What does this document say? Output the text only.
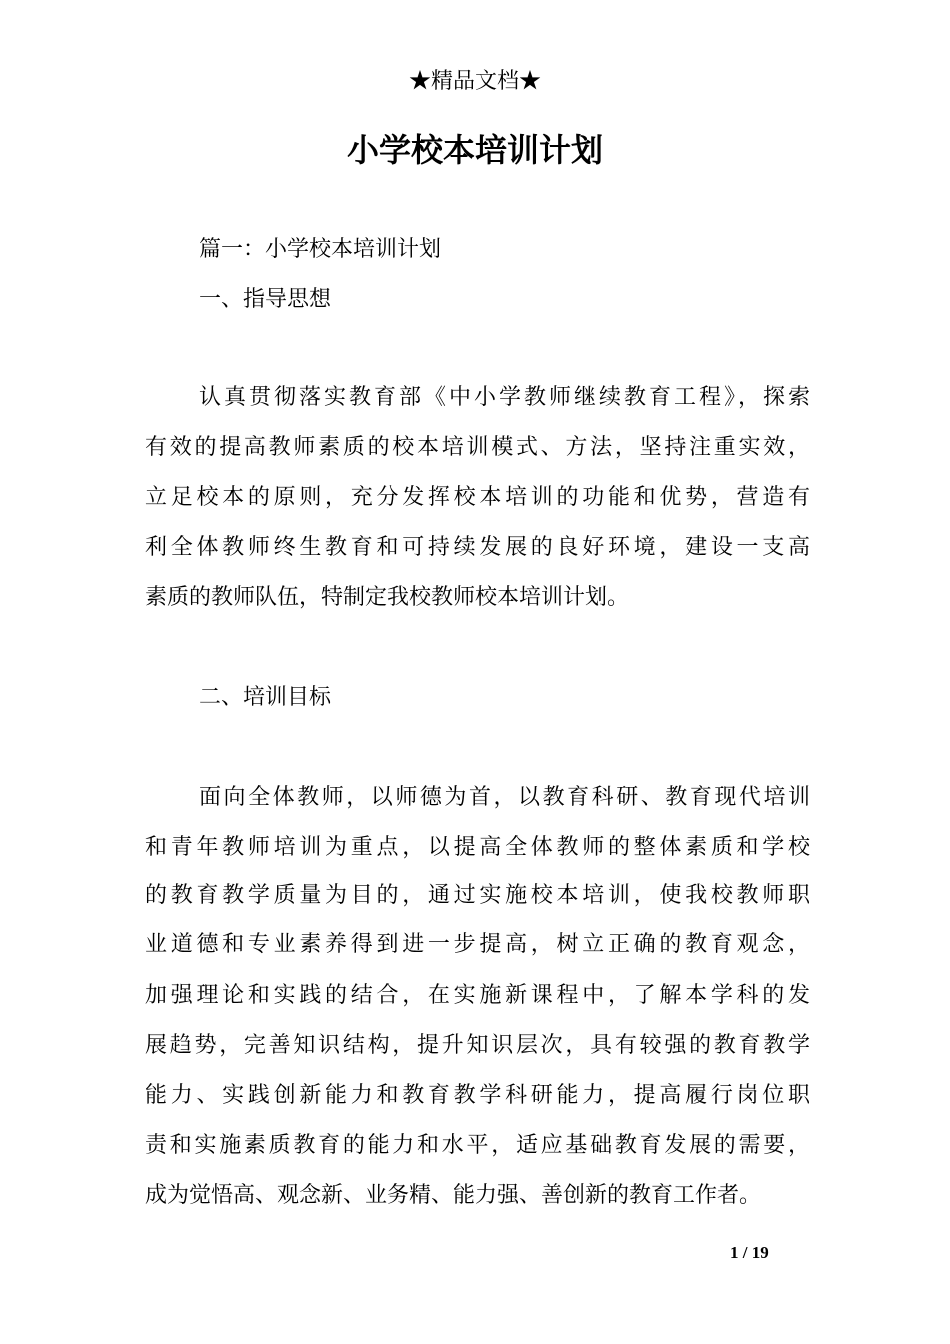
★精品文档★
小学校本培训计划
篇一：小学校本培训计划
一、指导思想
认真贯彻落实教育部《中小学教师继续教育工程》，探索
有效的提高教师素质的校本培训模式、方法，坚持注重实效，
立足校本的原则，充分发挥校本培训的功能和优势，营造有
利全体教师终生教育和可持续发展的良好环境，建设一支高
素质的教师队伍，特制定我校教师校本培训计划。
二、培训目标
面向全体教师，以师德为首，以教育科研、教育现代培训
和青年教师培训为重点，以提高全体教师的整体素质和学校
的教育教学质量为目的，通过实施校本培训，使我校教师职
业道德和专业素养得到进一步提高，树立正确的教育观念，
加强理论和实践的结合，在实施新课程中，了解本学科的发
展趋势，完善知识结构，提升知识层次，具有较强的教育教学
能力、实践创新能力和教育教学科研能力，提高履行岗位职
责和实施素质教育的能力和水平，适应基础教育发展的需要，
成为觉悟高、观念新、业务精、能力强、善创新的教育工作者。
1 / 19
